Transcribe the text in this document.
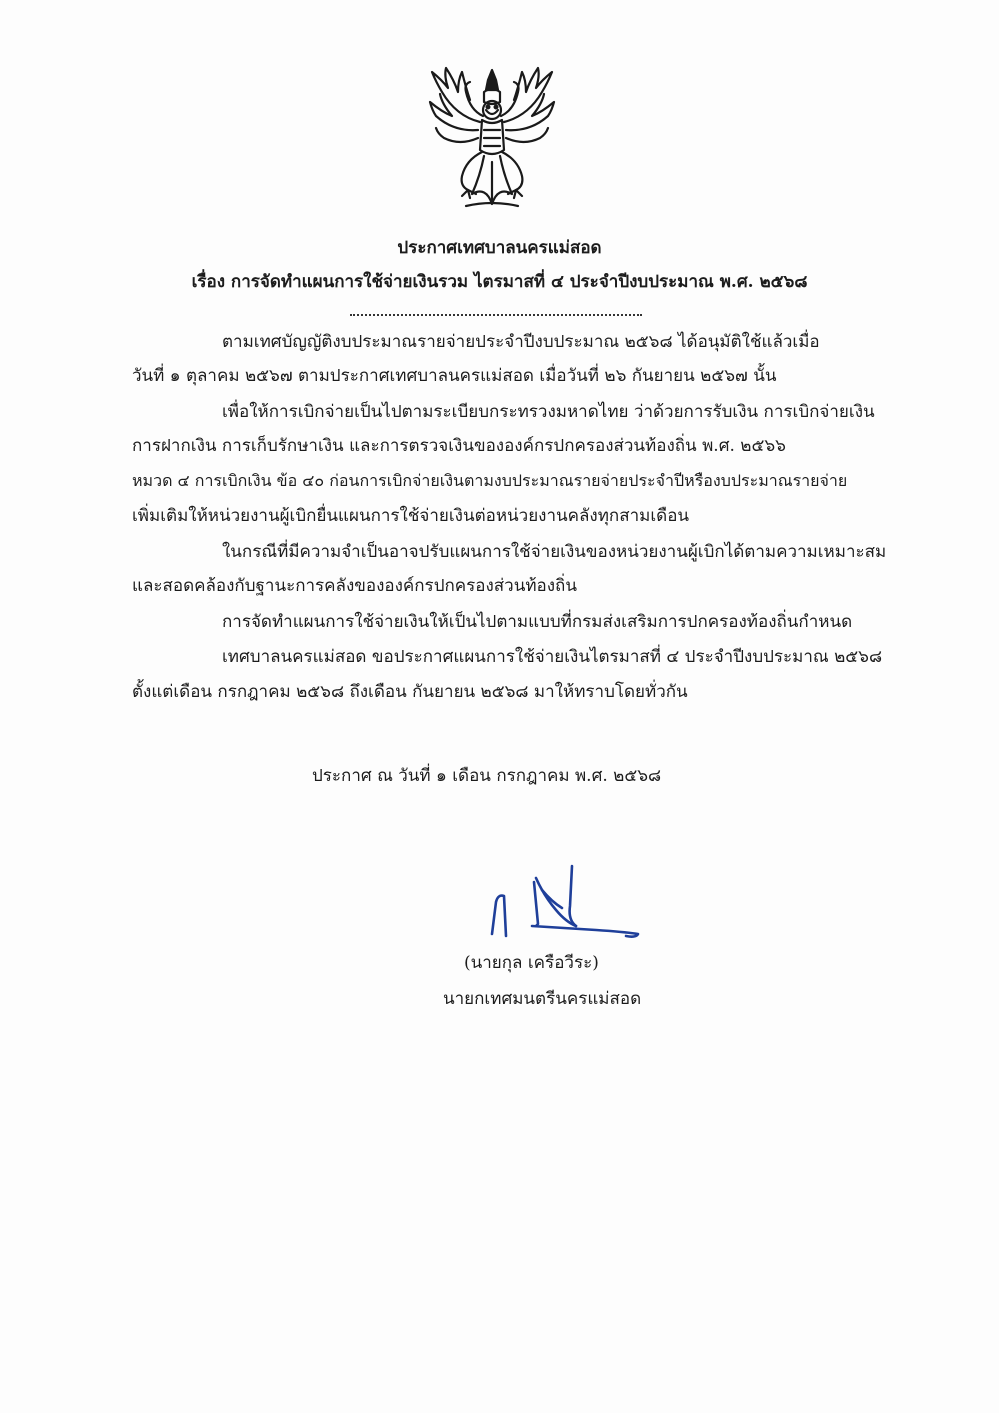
ประกาศเทศบาลนครแม่สอด
เรื่อง การจัดทำแผนการใช้จ่ายเงินรวม ไตรมาสที่ ๔ ประจำปีงบประมาณ พ.ศ. ๒๕๖๘
ตามเทศบัญญัติงบประมาณรายจ่ายประจำปีงบประมาณ ๒๕๖๘ ได้อนุมัติใช้แล้วเมื่อ
วันที่ ๑ ตุลาคม ๒๕๖๗ ตามประกาศเทศบาลนครแม่สอด เมื่อวันที่ ๒๖ กันยายน ๒๕๖๗ นั้น
เพื่อให้การเบิกจ่ายเป็นไปตามระเบียบกระทรวงมหาดไทย ว่าด้วยการรับเงิน การเบิกจ่ายเงิน
การฝากเงิน การเก็บรักษาเงิน และการตรวจเงินขององค์กรปกครองส่วนท้องถิ่น พ.ศ. ๒๕๖๖
หมวด ๔ การเบิกเงิน ข้อ ๔๐ ก่อนการเบิกจ่ายเงินตามงบประมาณรายจ่ายประจำปีหรืองบประมาณรายจ่าย
เพิ่มเติมให้หน่วยงานผู้เบิกยื่นแผนการใช้จ่ายเงินต่อหน่วยงานคลังทุกสามเดือน
ในกรณีที่มีความจำเป็นอาจปรับแผนการใช้จ่ายเงินของหน่วยงานผู้เบิกได้ตามความเหมาะสม
และสอดคล้องกับฐานะการคลังขององค์กรปกครองส่วนท้องถิ่น
การจัดทำแผนการใช้จ่ายเงินให้เป็นไปตามแบบที่กรมส่งเสริมการปกครองท้องถิ่นกำหนด
เทศบาลนครแม่สอด ขอประกาศแผนการใช้จ่ายเงินไตรมาสที่ ๔ ประจำปีงบประมาณ ๒๕๖๘
ตั้งแต่เดือน กรกฎาคม ๒๕๖๘ ถึงเดือน กันยายน ๒๕๖๘ มาให้ทราบโดยทั่วกัน
ประกาศ ณ วันที่ ๑ เดือน กรกฎาคม พ.ศ. ๒๕๖๘
(นายกุล เครือวีระ)
นายกเทศมนตรีนครแม่สอด
